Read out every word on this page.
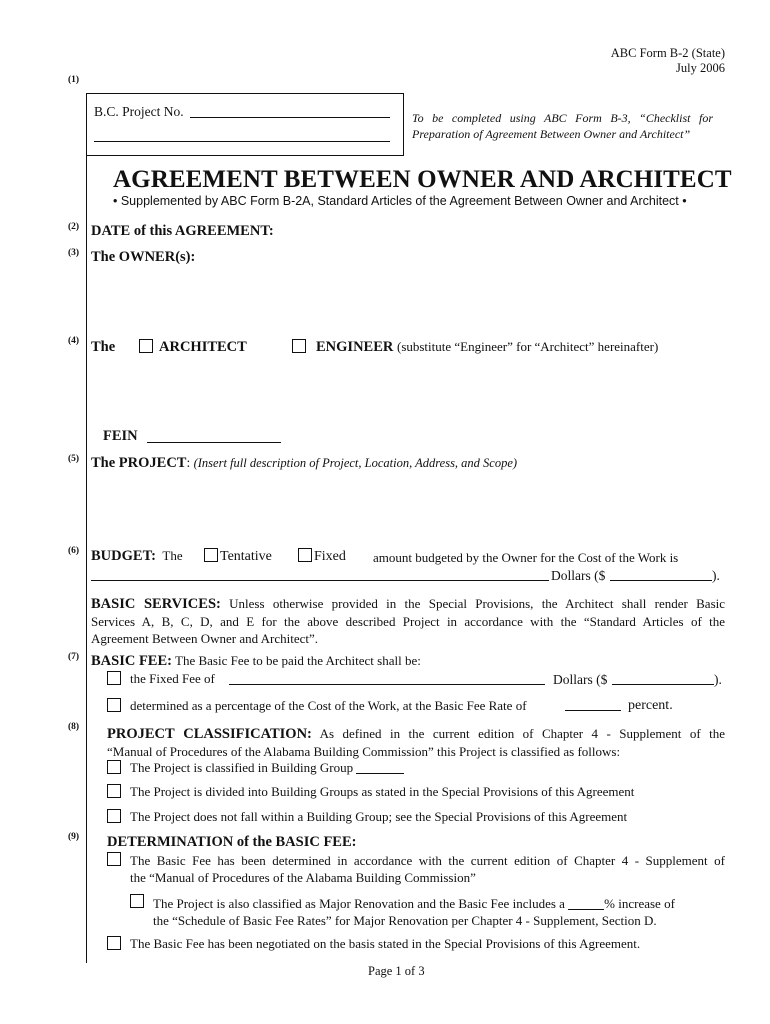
ABC Form B-2 (State)
July 2006
(1)
(2)
(3)
(4)
(5)
(6)
(7)
(8)
(9)
B.C. Project No.	To be completed using ABC Form B-3, “Checklist for
Preparation of Agreement Between Owner and Architect”
AGREEMENT BETWEEN OWNER AND ARCHITECT
• Supplemented by ABC Form B-2A, Standard Articles of the Agreement Between Owner and Architect •
DATE of this AGREEMENT:
The OWNER(s):
The	ARCHITECT	ENGINEER (substitute “Engineer” for “Architect” hereinafter)
FEIN
The PROJECT: (Insert full description of Project, Location, Address, and Scope)
BUDGET: The	Tentative	Fixed amount budgeted by the Owner for the Cost of the Work is
Dollars ($	).
BASIC SERVICES: Unless otherwise provided in the Special Provisions, the Architect shall render Basic
Services A, B, C, D, and E for the above described Project in accordance with the “Standard Articles of the
Agreement Between Owner and Architect”.
BASIC FEE: The Basic Fee to be paid the Architect shall be:
the Fixed Fee of	Dollars ($	).
determined as a percentage of the Cost of the Work, at the Basic Fee Rate of	percent.
PROJECT CLASSIFICATION: As defined in the current edition of Chapter 4 - Supplement of the
“Manual of Procedures of the Alabama Building Commission” this Project is classified as follows:
The Project is classified in Building Group
The Project is divided into Building Groups as stated in the Special Provisions of this Agreement
The Project does not fall within a Building Group; see the Special Provisions of this Agreement
DETERMINATION of the BASIC FEE:
The Basic Fee has been determined in accordance with the current edition of Chapter 4 - Supplement of
the “Manual of Procedures of the Alabama Building Commission”
The Project is also classified as Major Renovation and the Basic Fee includes a	% increase of
the “Schedule of Basic Fee Rates” for Major Renovation per Chapter 4 - Supplement, Section D.
The Basic Fee has been negotiated on the basis stated in the Special Provisions of this Agreement.
Page 1 of 3
